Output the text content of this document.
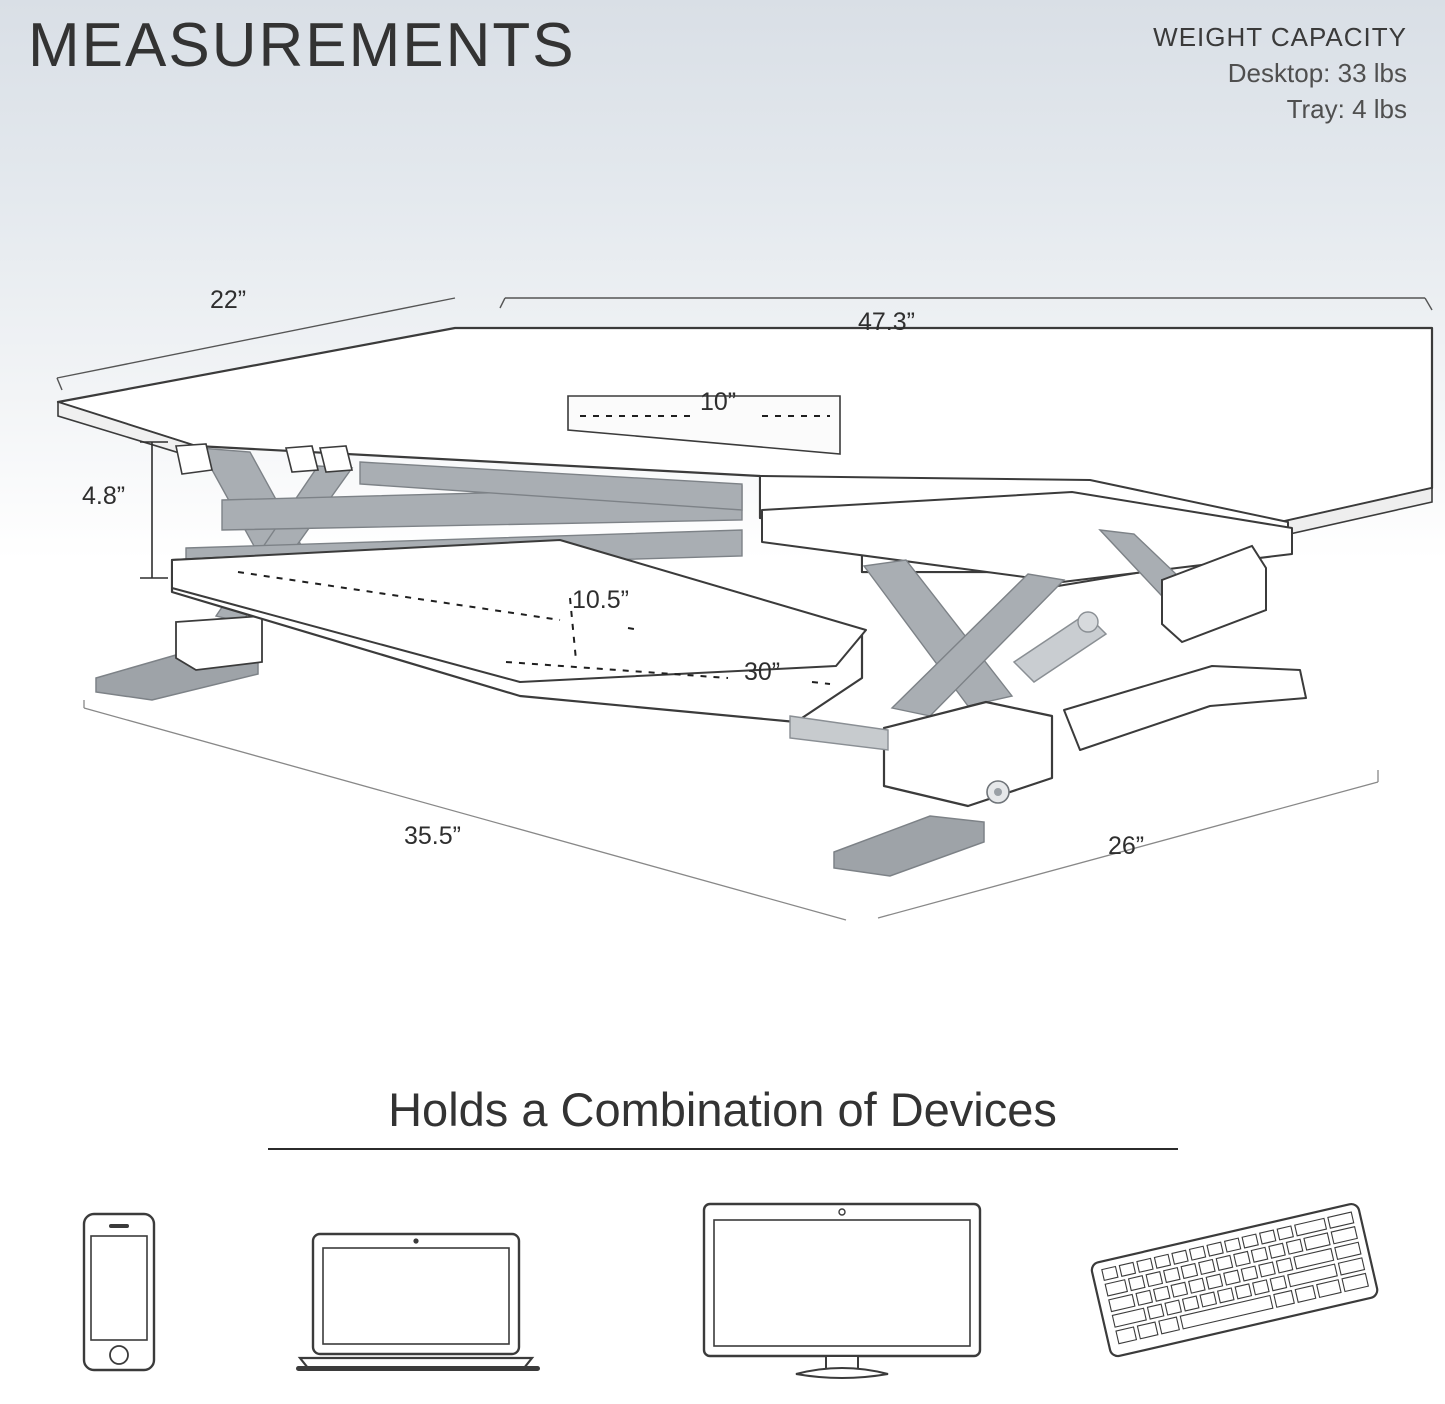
MEASUREMENTS	WEIGHT CAPACITY
Desktop: 33 lbs
Tray: 4 lbs
22”
47.3”
10”
4.8”
10.5”
30”
35.5”	26”
Holds a Combination of Devices
